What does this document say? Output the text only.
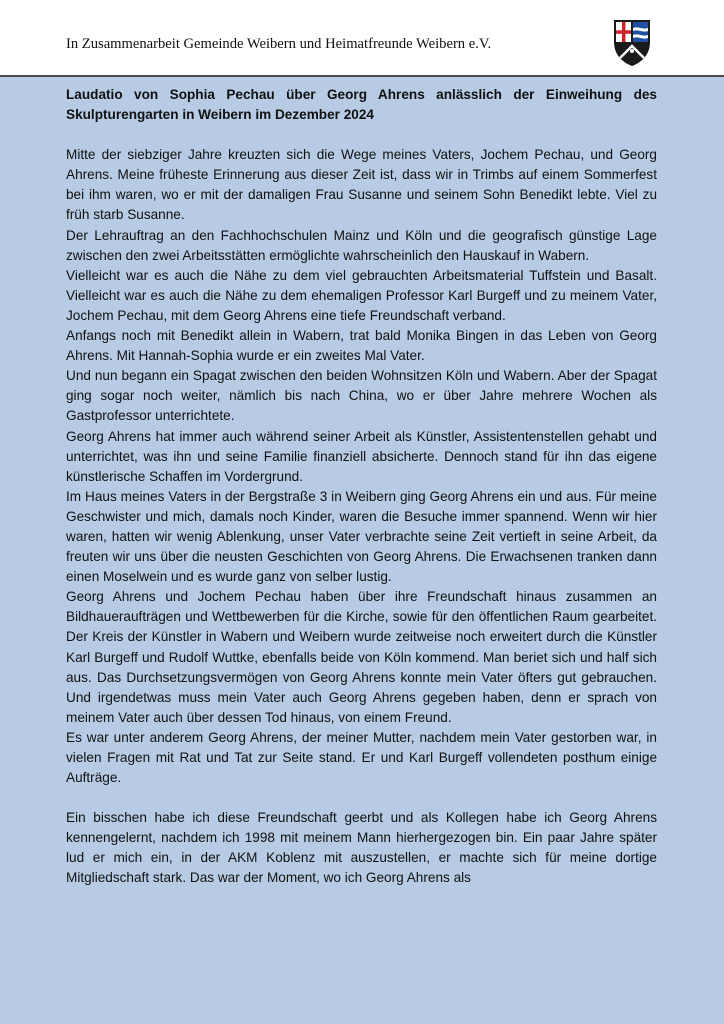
In Zusammenarbeit Gemeinde Weibern und Heimatfreunde Weibern e.V.

Laudatio von Sophia Pechau über Georg Ahrens anlässlich der Einweihung des Skulpturengarten in Weibern im Dezember 2024

Mitte der siebziger Jahre kreuzten sich die Wege meines Vaters, Jochem Pechau, und Georg Ahrens. Meine früheste Erinnerung aus dieser Zeit ist, dass wir in Trimbs auf einem Sommerfest bei ihm waren, wo er mit der damaligen Frau Susanne und seinem Sohn Benedikt lebte. Viel zu früh starb Susanne.

Der Lehrauftrag an den Fachhochschulen Mainz und Köln und die geografisch günstige Lage zwischen den zwei Arbeitsstätten ermöglichte wahrscheinlich den Hauskauf in Wabern.

Vielleicht war es auch die Nähe zu dem viel gebrauchten Arbeitsmaterial Tuffstein und Basalt. Vielleicht war es auch die Nähe zu dem ehemaligen Professor Karl Burgeff und zu meinem Vater, Jochem Pechau, mit dem Georg Ahrens eine tiefe Freundschaft verband.

Anfangs noch mit Benedikt allein in Wabern, trat bald Monika Bingen in das Leben von Georg Ahrens. Mit Hannah-Sophia wurde er ein zweites Mal Vater.

Und nun begann ein Spagat zwischen den beiden Wohnsitzen Köln und Wabern. Aber der Spagat ging sogar noch weiter, nämlich bis nach China, wo er über Jahre mehrere Wochen als Gastprofessor unterrichtete.

Georg Ahrens hat immer auch während seiner Arbeit als Künstler, Assistentenstellen gehabt und unterrichtet, was ihn und seine Familie finanziell absicherte. Dennoch stand für ihn das eigene künstlerische Schaffen im Vordergrund.

Im Haus meines Vaters in der Bergstraße 3 in Weibern ging Georg Ahrens ein und aus. Für meine Geschwister und mich, damals noch Kinder, waren die Besuche immer spannend. Wenn wir hier waren, hatten wir wenig Ablenkung, unser Vater verbrachte seine Zeit vertieft in seine Arbeit, da freuten wir uns über die neusten Geschichten von Georg Ahrens. Die Erwachsenen tranken dann einen Moselwein und es wurde ganz von selber lustig.

Georg Ahrens und Jochem Pechau haben über ihre Freundschaft hinaus zusammen an Bildhaueraufträgen und Wettbewerben für die Kirche, sowie für den öffentlichen Raum gearbeitet. Der Kreis der Künstler in Wabern und Weibern wurde zeitweise noch erweitert durch die Künstler Karl Burgeff und Rudolf Wuttke, ebenfalls beide von Köln kommend. Man beriet sich und half sich aus. Das Durchsetzungsvermögen von Georg Ahrens konnte mein Vater öfters gut gebrauchen. Und irgendetwas muss mein Vater auch Georg Ahrens gegeben haben, denn er sprach von meinem Vater auch über dessen Tod hinaus, von einem Freund.

Es war unter anderem Georg Ahrens, der meiner Mutter, nachdem mein Vater gestorben war, in vielen Fragen mit Rat und Tat zur Seite stand. Er und Karl Burgeff vollendeten posthum einige Aufträge.

Ein bisschen habe ich diese Freundschaft geerbt und als Kollegen habe ich Georg Ahrens kennengelernt, nachdem ich 1998 mit meinem Mann hierhergezogen bin. Ein paar Jahre später lud er mich ein, in der AKM Koblenz mit auszustellen, er machte sich für meine dortige Mitgliedschaft stark. Das war der Moment, wo ich Georg Ahrens als
